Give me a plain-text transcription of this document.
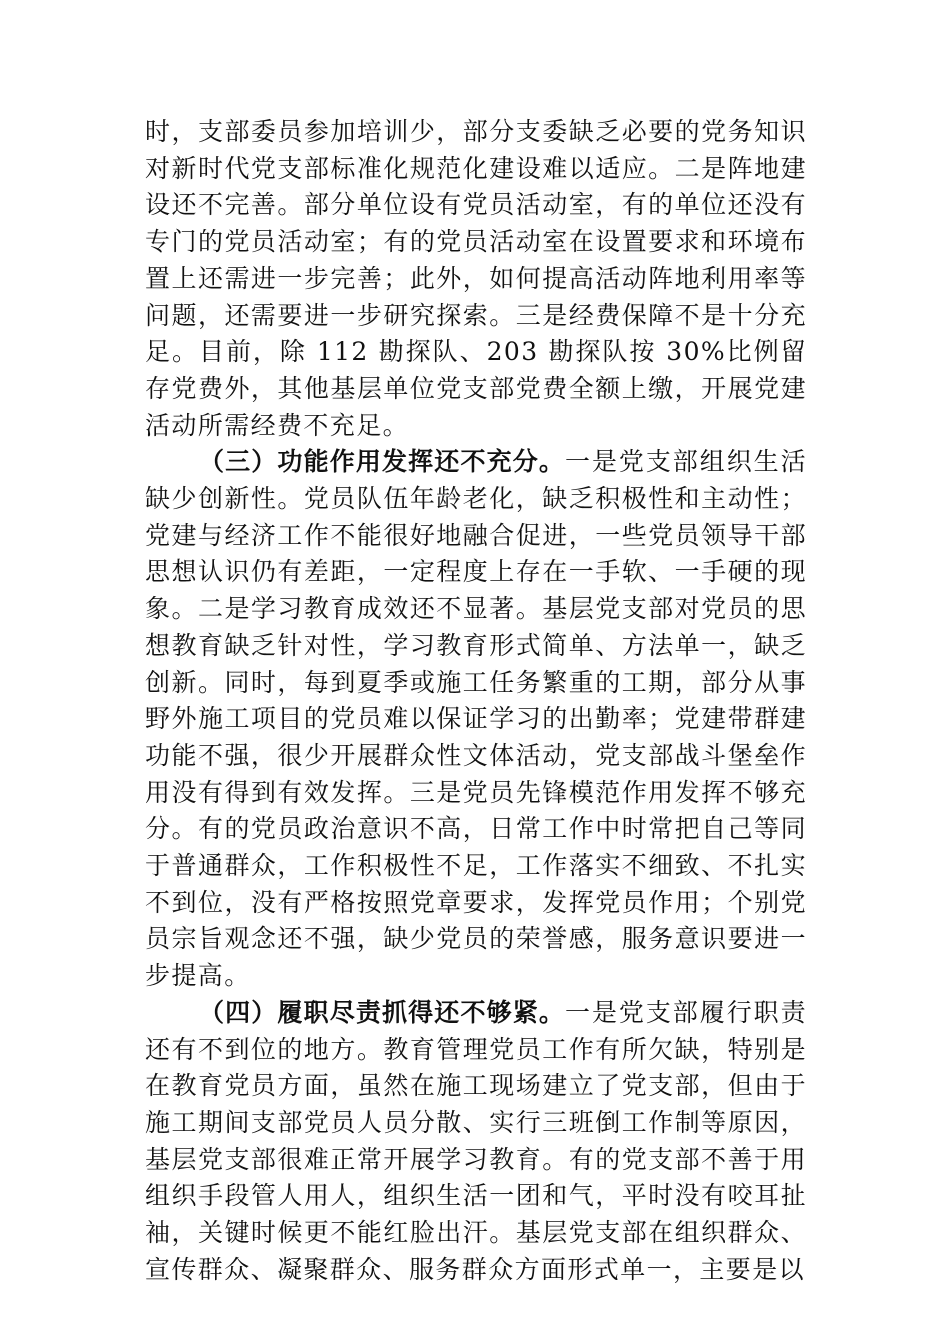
时，支部委员参加培训少，部分支委缺乏必要的党务知识对新时代党支部标准化规范化建设难以适应。二是阵地建设还不完善。部分单位设有党员活动室，有的单位还没有专门的党员活动室；有的党员活动室在设置要求和环境布置上还需进一步完善；此外，如何提高活动阵地利用率等问题，还需要进一步研究探索。三是经费保障不是十分充足。目前，除 112 勘探队、203 勘探队按 30%比例留存党费外，其他基层单位党支部党费全额上缴，开展党建活动所需经费不充足。

（三）功能作用发挥还不充分。一是党支部组织生活缺少创新性。党员队伍年龄老化，缺乏积极性和主动性；党建与经济工作不能很好地融合促进，一些党员领导干部思想认识仍有差距，一定程度上存在一手软、一手硬的现象。二是学习教育成效还不显著。基层党支部对党员的思想教育缺乏针对性，学习教育形式简单、方法单一，缺乏创新。同时，每到夏季或施工任务繁重的工期，部分从事野外施工项目的党员难以保证学习的出勤率；党建带群建功能不强，很少开展群众性文体活动，党支部战斗堡垒作用没有得到有效发挥。三是党员先锋模范作用发挥不够充分。有的党员政治意识不高，日常工作中时常把自己等同于普通群众，工作积极性不足，工作落实不细致、不扎实不到位，没有严格按照党章要求，发挥党员作用；个别党员宗旨观念还不强，缺少党员的荣誉感，服务意识要进一步提高。

（四）履职尽责抓得还不够紧。一是党支部履行职责还有不到位的地方。教育管理党员工作有所欠缺，特别是在教育党员方面，虽然在施工现场建立了党支部，但由于施工期间支部党员人员分散、实行三班倒工作制等原因，基层党支部很难正常开展学习教育。有的党支部不善于用组织手段管人用人，组织生活一团和气，平时没有咬耳扯袖，关键时候更不能红脸出汗。基层党支部在组织群众、宣传群众、凝聚群众、服务群众方面形式单一，主要是以
